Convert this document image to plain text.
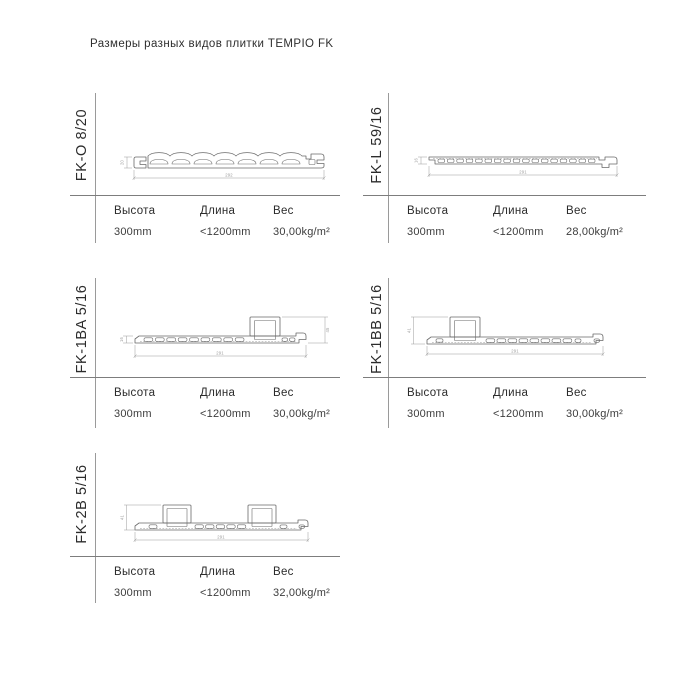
Размеры разных видов плитки TEMPIO FK
FK-O 8/20	292
20
Высота	Длина	Вес
300mm	<1200mm	30,00kg/m²
FK-L 59/16	291
16
Высота	Длина	Вес
300mm	<1200mm	28,00kg/m²
FK-1BA 5/16	45
291
16
Высота	Длина	Вес
300mm	<1200mm	30,00kg/m²
FK-1BB 5/16	41
291
Высота	Длина	Вес
300mm	<1200mm	30,00kg/m²
FK-2B 5/16	41
291
Высота	Длина	Вес
300mm	<1200mm	32,00kg/m²
